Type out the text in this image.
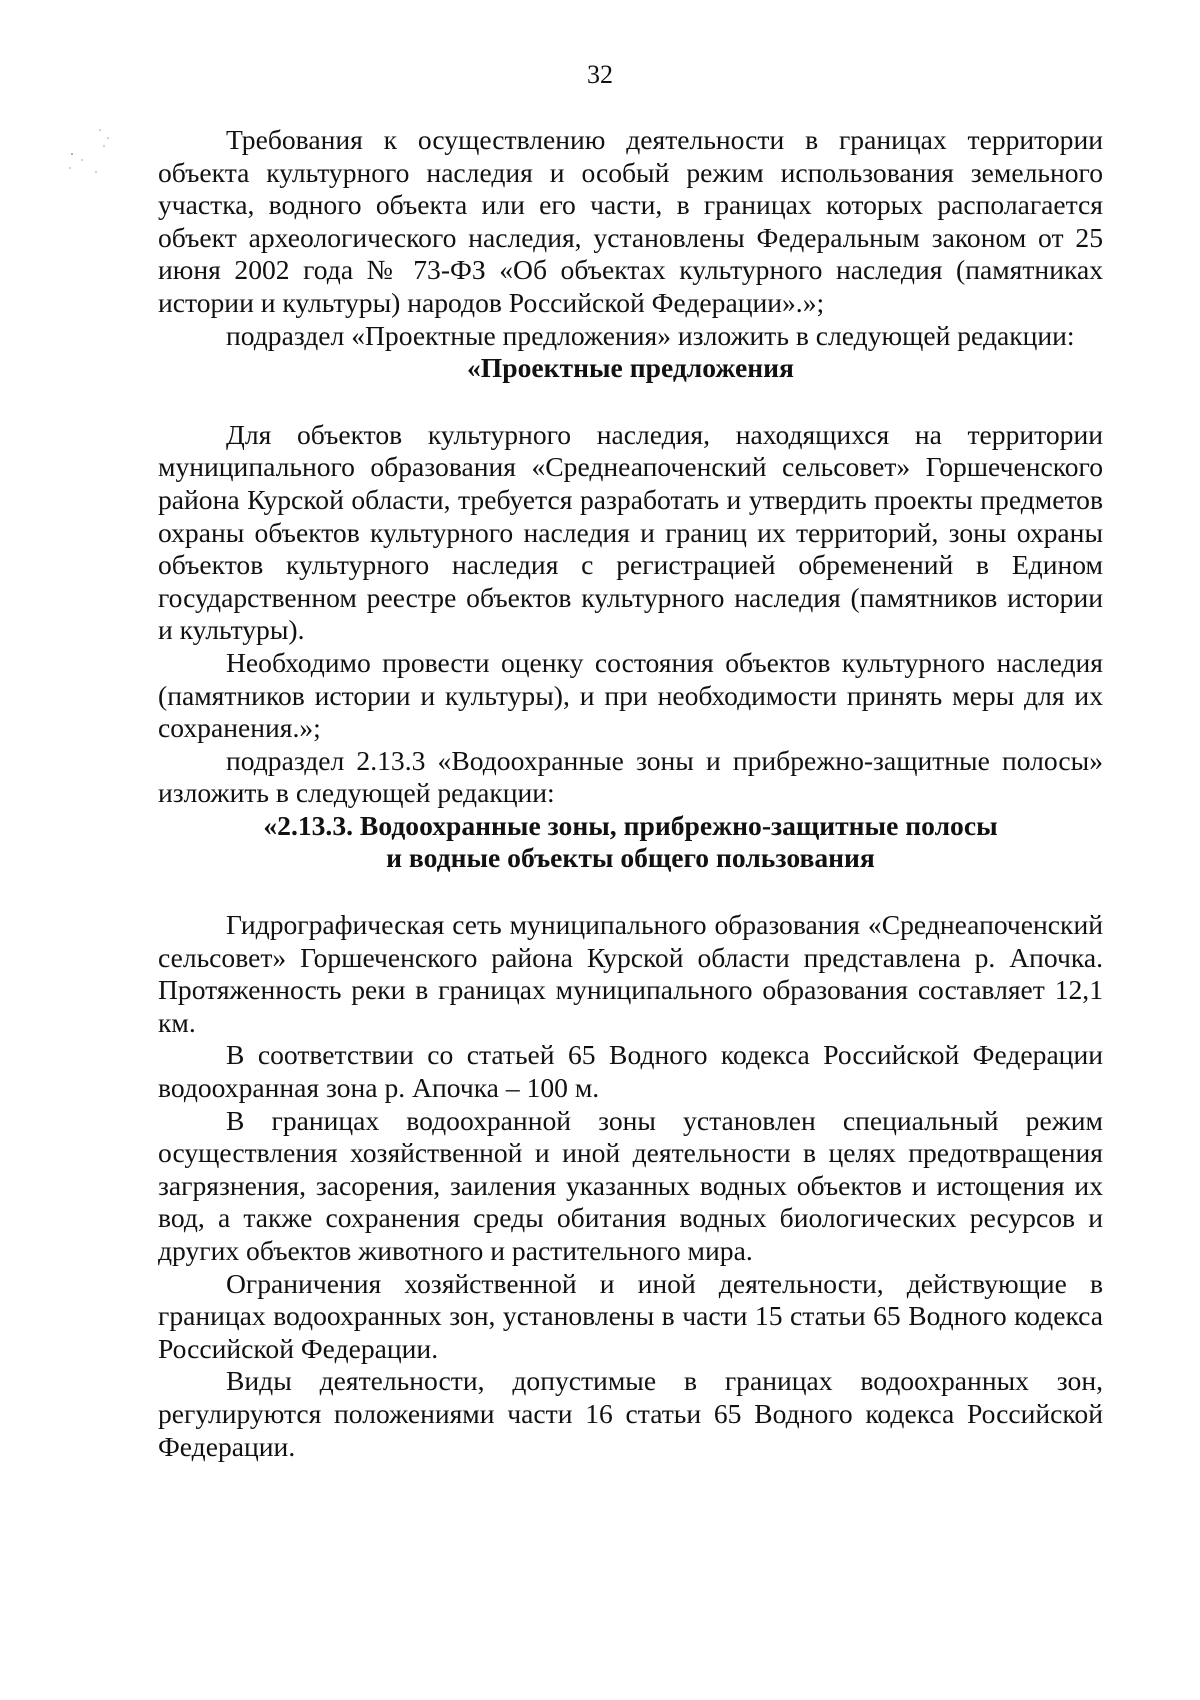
32

Требования к осуществлению деятельности в границах территории объекта культурного наследия и особый режим использования земельного участка, водного объекта или его части, в границах которых располагается объект археологического наследия, установлены Федеральным законом от 25 июня 2002 года № 73-ФЗ «Об объектах культурного наследия (памятниках истории и культуры) народов Российской Федерации».»;

подраздел «Проектные предложения» изложить в следующей редакции:

«Проектные предложения

Для объектов культурного наследия, находящихся на территории муниципального образования «Среднеапоченский сельсовет» Горшеченского района Курской области, требуется разработать и утвердить проекты предметов охраны объектов культурного наследия и границ их территорий, зоны охраны объектов культурного наследия с регистрацией обременений в Едином государственном реестре объектов культурного наследия (памятников истории и культуры).

Необходимо провести оценку состояния объектов культурного наследия (памятников истории и культуры), и при необходимости принять меры для их сохранения.»;

подраздел 2.13.3 «Водоохранные зоны и прибрежно-защитные полосы» изложить в следующей редакции:

«2.13.3. Водоохранные зоны, прибрежно-защитные полосы

и водные объекты общего пользования

Гидрографическая сеть муниципального образования «Среднеапоченский сельсовет» Горшеченского района Курской области представлена р. Апочка. Протяженность реки в границах муниципального образования составляет 12,1 км.

В соответствии со статьей 65 Водного кодекса Российской Федерации водоохранная зона р. Апочка – 100 м.

В границах водоохранной зоны установлен специальный режим осуществления хозяйственной и иной деятельности в целях предотвращения загрязнения, засорения, заиления указанных водных объектов и истощения их вод, а также сохранения среды обитания водных биологических ресурсов и других объектов животного и растительного мира.

Ограничения хозяйственной и иной деятельности, действующие в границах водоохранных зон, установлены в части 15 статьи 65 Водного кодекса Российской Федерации.

Виды деятельности, допустимые в границах водоохранных зон, регулируются положениями части 16 статьи 65 Водного кодекса Российской Федерации.
